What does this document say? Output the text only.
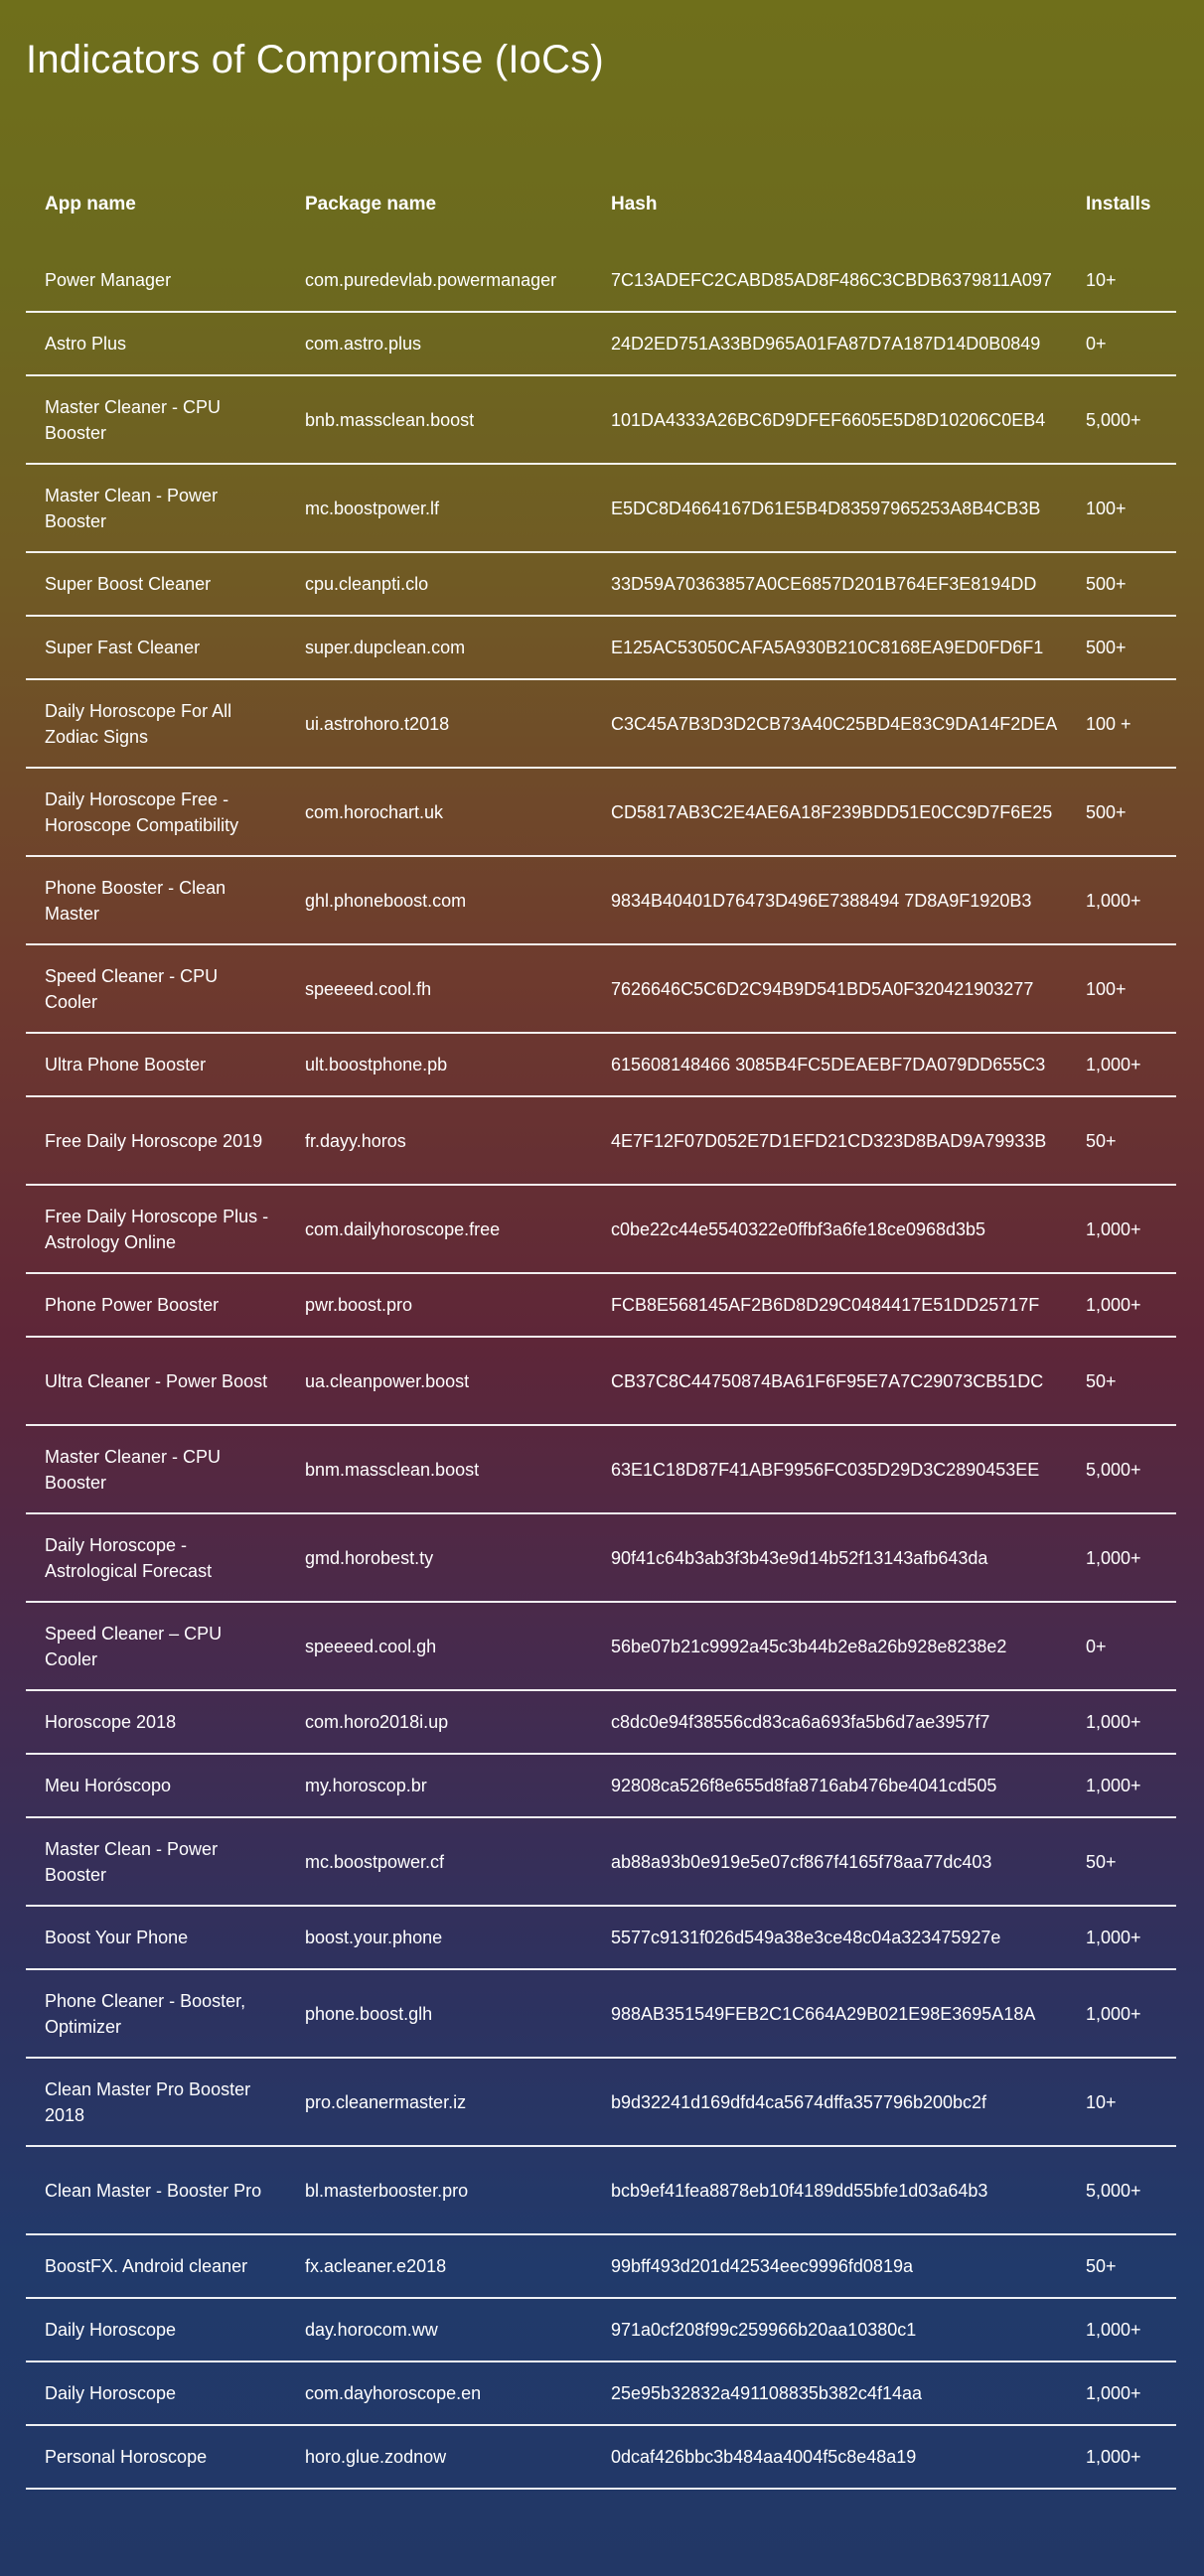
Indicators of Compromise (IoCs)
App name	Package name	Hash	Installs

Power Manager	com.puredevlab.powermanager	7C13ADEFC2CABD85AD8F486C3CBDB6379811A097	10+
Astro Plus	com.astro.plus	24D2ED751A33BD965A01FA87D7A187D14D0B0849	0+
Master Cleaner - CPU Booster	bnb.massclean.boost	101DA4333A26BC6D9DFEF6605E5D8D10206C0EB4	5,000+
Master Clean - Power Booster	mc.boostpower.lf	E5DC8D4664167D61E5B4D83597965253A8B4CB3B	100+
Super Boost Cleaner	cpu.cleanpti.clo	33D59A70363857A0CE6857D201B764EF3E8194DD	500+
Super Fast Cleaner	super.dupclean.com	E125AC53050CAFA5A930B210C8168EA9ED0FD6F1	500+
Daily Horoscope For All Zodiac Signs	ui.astrohoro.t2018	C3C45A7B3D3D2CB73A40C25BD4E83C9DA14F2DEA	100 +
Daily Horoscope Free - Horoscope Compatibility	com.horochart.uk	CD5817AB3C2E4AE6A18F239BDD51E0CC9D7F6E25	500+
Phone Booster - Clean Master	ghl.phoneboost.com	9834B40401D76473D496E7388494 7D8A9F1920B3	1,000+
Speed Cleaner - CPU Cooler	speeeed.cool.fh	7626646C5C6D2C94B9D541BD5A0F320421903277	100+
Ultra Phone Booster	ult.boostphone.pb	615608148466 3085B4FC5DEAEBF7DA079DD655C3	1,000+
Free Daily Horoscope 2019	fr.dayy.horos	4E7F12F07D052E7D1EFD21CD323D8BAD9A79933B	50+
Free Daily Horoscope Plus - Astrology Online	com.dailyhoroscope.free	c0be22c44e5540322e0ffbf3a6fe18ce0968d3b5	1,000+
Phone Power Booster	pwr.boost.pro	FCB8E568145AF2B6D8D29C0484417E51DD25717F	1,000+
Ultra Cleaner - Power Boost	ua.cleanpower.boost	CB37C8C44750874BA61F6F95E7A7C29073CB51DC	50+
Master Cleaner - CPU Booster	bnm.massclean.boost	63E1C18D87F41ABF9956FC035D29D3C2890453EE	5,000+
Daily Horoscope - Astrological Forecast	gmd.horobest.ty	90f41c64b3ab3f3b43e9d14b52f13143afb643da	1,000+
Speed Cleaner – CPU Cooler	speeeed.cool.gh	56be07b21c9992a45c3b44b2e8a26b928e8238e2	0+
Horoscope 2018	com.horo2018i.up	c8dc0e94f38556cd83ca6a693fa5b6d7ae3957f7	1,000+
Meu Horóscopo	my.horoscop.br	92808ca526f8e655d8fa8716ab476be4041cd505	1,000+
Master Clean - Power Booster	mc.boostpower.cf	ab88a93b0e919e5e07cf867f4165f78aa77dc403	50+
Boost Your Phone	boost.your.phone	5577c9131f026d549a38e3ce48c04a323475927e	1,000+
Phone Cleaner - Booster, Optimizer	phone.boost.glh	988AB351549FEB2C1C664A29B021E98E3695A18A	1,000+
Clean Master Pro Booster 2018	pro.cleanermaster.iz	b9d32241d169dfd4ca5674dffa357796b200bc2f	10+
Clean Master - Booster Pro	bl.masterbooster.pro	bcb9ef41fea8878eb10f4189dd55bfe1d03a64b3	5,000+
BoostFX. Android cleaner	fx.acleaner.e2018	99bff493d201d42534eec9996fd0819a	50+
Daily Horoscope	day.horocom.ww	971a0cf208f99c259966b20aa10380c1	1,000+
Daily Horoscope	com.dayhoroscope.en	25e95b32832a491108835b382c4f14aa	1,000+
Personal Horoscope	horo.glue.zodnow	0dcaf426bbc3b484aa4004f5c8e48a19	1,000+
